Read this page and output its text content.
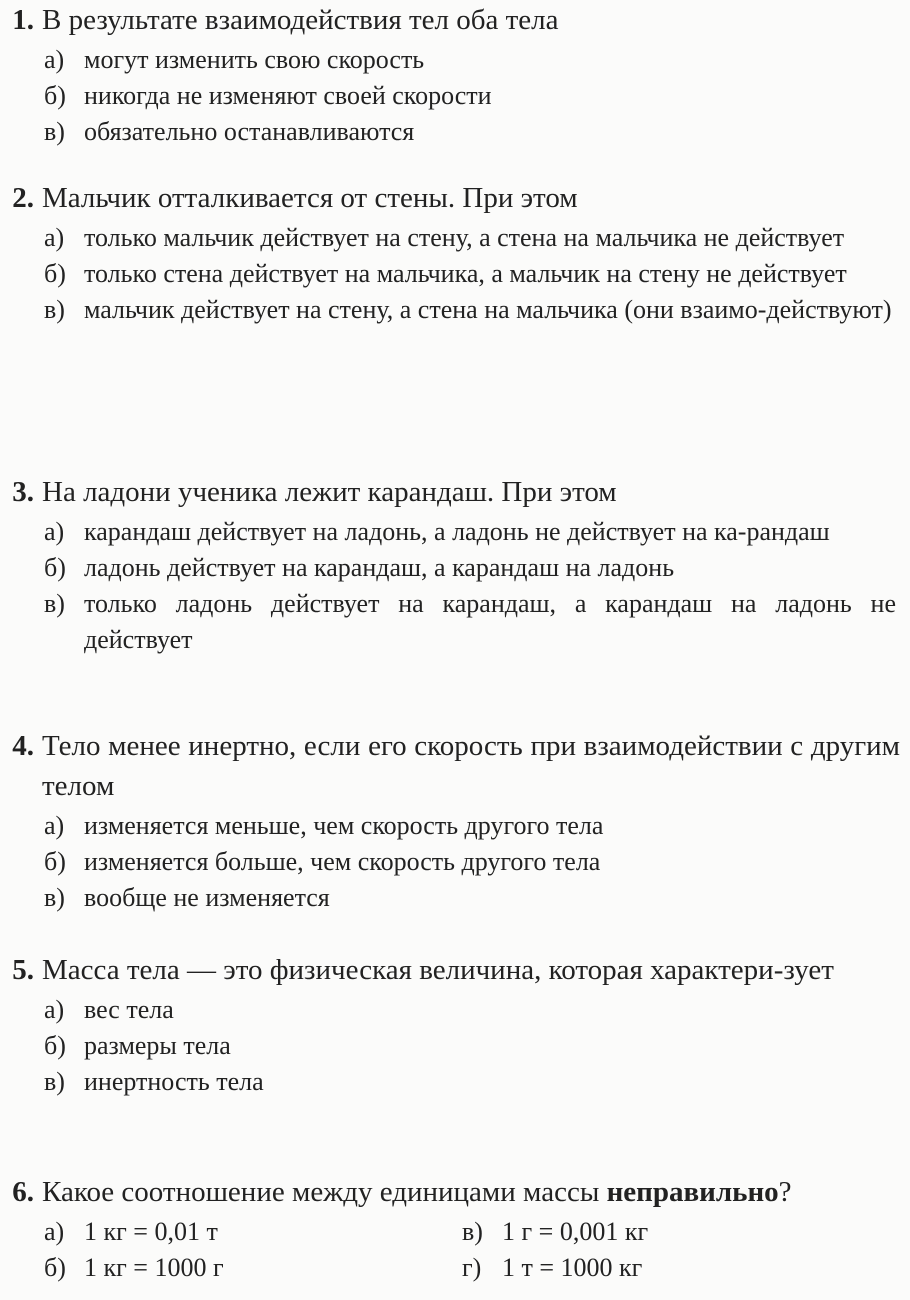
1. В результате взаимодействия тел оба тела
а) могут изменить свою скорость
б) никогда не изменяют своей скорости
в) обязательно останавливаются
2. Мальчик отталкивается от стены. При этом
а) только мальчик действует на стену, а стена на мальчика не действует
б) только стена действует на мальчика, а мальчик на стену не действует
в) мальчик действует на стену, а стена на мальчика (они взаимо-действуют)
3. На ладони ученика лежит карандаш. При этом
а) карандаш действует на ладонь, а ладонь не действует на ка-рандаш
б) ладонь действует на карандаш, а карандаш на ладонь
в) только ладонь действует на карандаш, а карандаш на ладонь не действует
4. Тело менее инертно, если его скорость при взаимодействии с другим телом
а) изменяется меньше, чем скорость другого тела
б) изменяется больше, чем скорость другого тела
в) вообще не изменяется
5. Масса тела — это физическая величина, которая характери-зует
а) вес тела
б) размеры тела
в) инертность тела
6. Какое соотношение между единицами массы неправильно?
а) 1 кг = 0,01 т	в) 1 г = 0,001 кг
б) 1 кг = 1000 г	г) 1 т = 1000 кг
